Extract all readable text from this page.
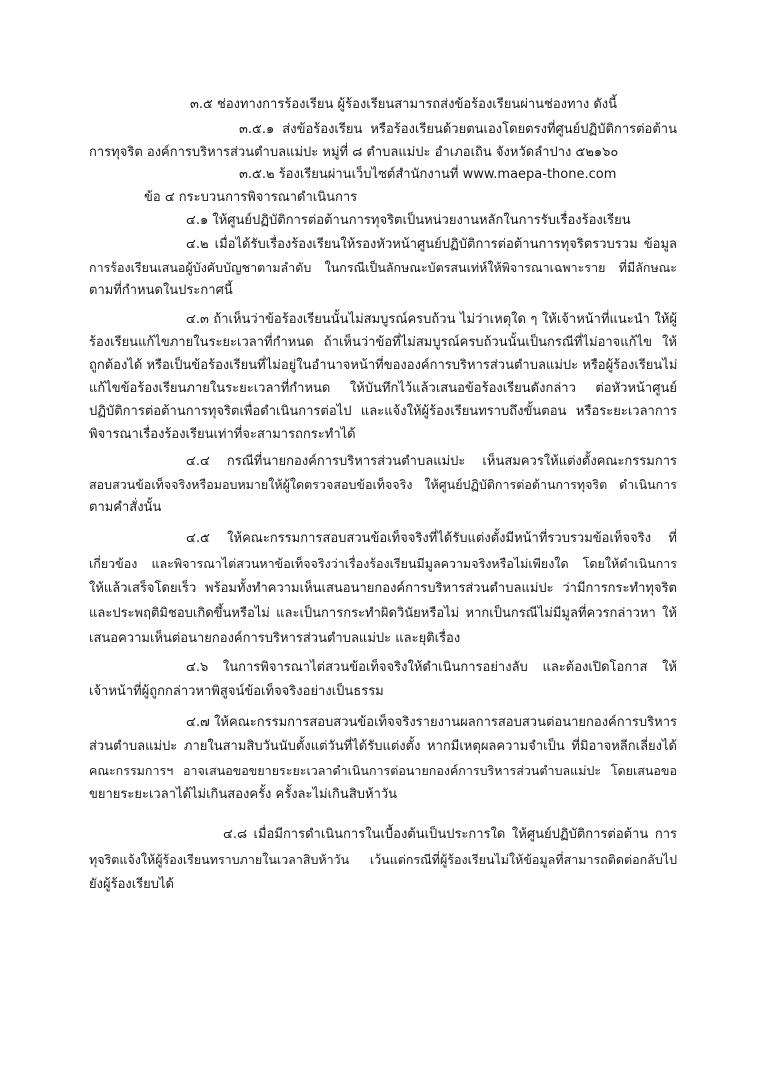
๓.๕ ช่องทางการร้องเรียน ผู้ร้องเรียนสามารถส่งข้อร้องเรียนผ่านช่องทาง ดังนี้
๓.๕.๑ ส่งข้อร้องเรียน หรือร้องเรียนด้วยตนเองโดยตรงที่ศูนย์ปฏิบัติการต่อต้าน
การทุจริต องค์การบริหารส่วนตำบลแม่ปะ หมู่ที่ ๘ ตำบลแม่ปะ อำเภอเถิน จังหวัดลำปาง ๕๒๑๖๐
๓.๕.๒ ร้องเรียนผ่านเว็บไซต์สำนักงานที่ www.maepa-thone.com
ข้อ ๔ กระบวนการพิจารณาดำเนินการ
๔.๑ ให้ศูนย์ปฏิบัติการต่อต้านการทุจริตเป็นหน่วยงานหลักในการรับเรื่องร้องเรียน
๔.๒ เมื่อได้รับเรื่องร้องเรียนให้รองหัวหน้าศูนย์ปฏิบัติการต่อต้านการทุจริตรวบรวม ข้อมูล
การร้องเรียนเสนอผู้บังคับบัญชาตามลำดับ ในกรณีเป็นลักษณะบัตรสนเท่ห์ให้พิจารณาเฉพาะราย ที่มีลักษณะ
ตามที่กำหนดในประกาศนี้
๔.๓ ถ้าเห็นว่าข้อร้องเรียนนั้นไม่สมบูรณ์ครบถ้วน ไม่ว่าเหตุใด ๆ ให้เจ้าหน้าที่แนะนำ ให้ผู้
ร้องเรียนแก้ไขภายในระยะเวลาที่กำหนด ถ้าเห็นว่าข้อที่ไม่สมบูรณ์ครบถ้วนนั้นเป็นกรณีที่ไม่อาจแก้ไข ให้
ถูกต้องได้ หรือเป็นข้อร้องเรียนที่ไม่อยู่ในอำนาจหน้าที่ขององค์การบริหารส่วนตำบลแม่ปะ หรือผู้ร้องเรียนไม่
แก้ไขข้อร้องเรียนภายในระยะเวลาที่กำหนด ให้บันทึกไว้แล้วเสนอข้อร้องเรียนดังกล่าว ต่อหัวหน้าศูนย์
ปฏิบัติการต่อต้านการทุจริตเพื่อดำเนินการต่อไป และแจ้งให้ผู้ร้องเรียนทราบถึงขั้นตอน หรือระยะเวลาการ
พิจารณาเรื่องร้องเรียนเท่าที่จะสามารถกระทำได้
๔.๔ กรณีที่นายกองค์การบริหารส่วนตำบลแม่ปะ เห็นสมควรให้แต่งตั้งคณะกรรมการ
สอบสวนข้อเท็จจริงหรือมอบหมายให้ผู้ใดตรวจสอบข้อเท็จจริง ให้ศูนย์ปฏิบัติการต่อต้านการทุจริต ดำเนินการ
ตามคำสั่งนั้น
๔.๕ ให้คณะกรรมการสอบสวนข้อเท็จจริงที่ได้รับแต่งตั้งมีหน้าที่รวบรวมข้อเท็จจริง ที่
เกี่ยวข้อง และพิจารณาไต่สวนหาข้อเท็จจริงว่าเรื่องร้องเรียนมีมูลความจริงหรือไม่เพียงใด โดยให้ดำเนินการ
ให้แล้วเสร็จโดยเร็ว พร้อมทั้งทำความเห็นเสนอนายกองค์การบริหารส่วนตำบลแม่ปะ ว่ามีการกระทำทุจริต
และประพฤติมิชอบเกิดขึ้นหรือไม่ และเป็นการกระทำผิดวินัยหรือไม่ หากเป็นกรณีไม่มีมูลที่ควรกล่าวหา ให้
เสนอความเห็นต่อนายกองค์การบริหารส่วนตำบลแม่ปะ และยุติเรื่อง
๔.๖ ในการพิจารณาไต่สวนข้อเท็จจริงให้ดำเนินการอย่างลับ และต้องเปิดโอกาส ให้
เจ้าหน้าที่ผู้ถูกกล่าวหาพิสูจน์ข้อเท็จจริงอย่างเป็นธรรม
๔.๗ ให้คณะกรรมการสอบสวนข้อเท็จจริงรายงานผลการสอบสวนต่อนายกองค์การบริหาร
ส่วนตำบลแม่ปะ ภายในสามสิบวันนับตั้งแต่วันที่ได้รับแต่งตั้ง หากมีเหตุผลความจำเป็น ที่มิอาจหลีกเลี่ยงได้
คณะกรรมการฯ อาจเสนอขอขยายระยะเวลาดำเนินการต่อนายกองค์การบริหารส่วนตำบลแม่ปะ โดยเสนอขอ
ขยายระยะเวลาได้ไม่เกินสองครั้ง ครั้งละไม่เกินสิบห้าวัน
๔.๘ เมื่อมีการดำเนินการในเบื้องต้นเป็นประการใด ให้ศูนย์ปฏิบัติการต่อต้าน การ
ทุจริตแจ้งให้ผู้ร้องเรียนทราบภายในเวลาสิบห้าวัน เว้นแต่กรณีที่ผู้ร้องเรียนไม่ให้ข้อมูลที่สามารถติดต่อกลับไป
ยังผู้ร้องเรียบได้
